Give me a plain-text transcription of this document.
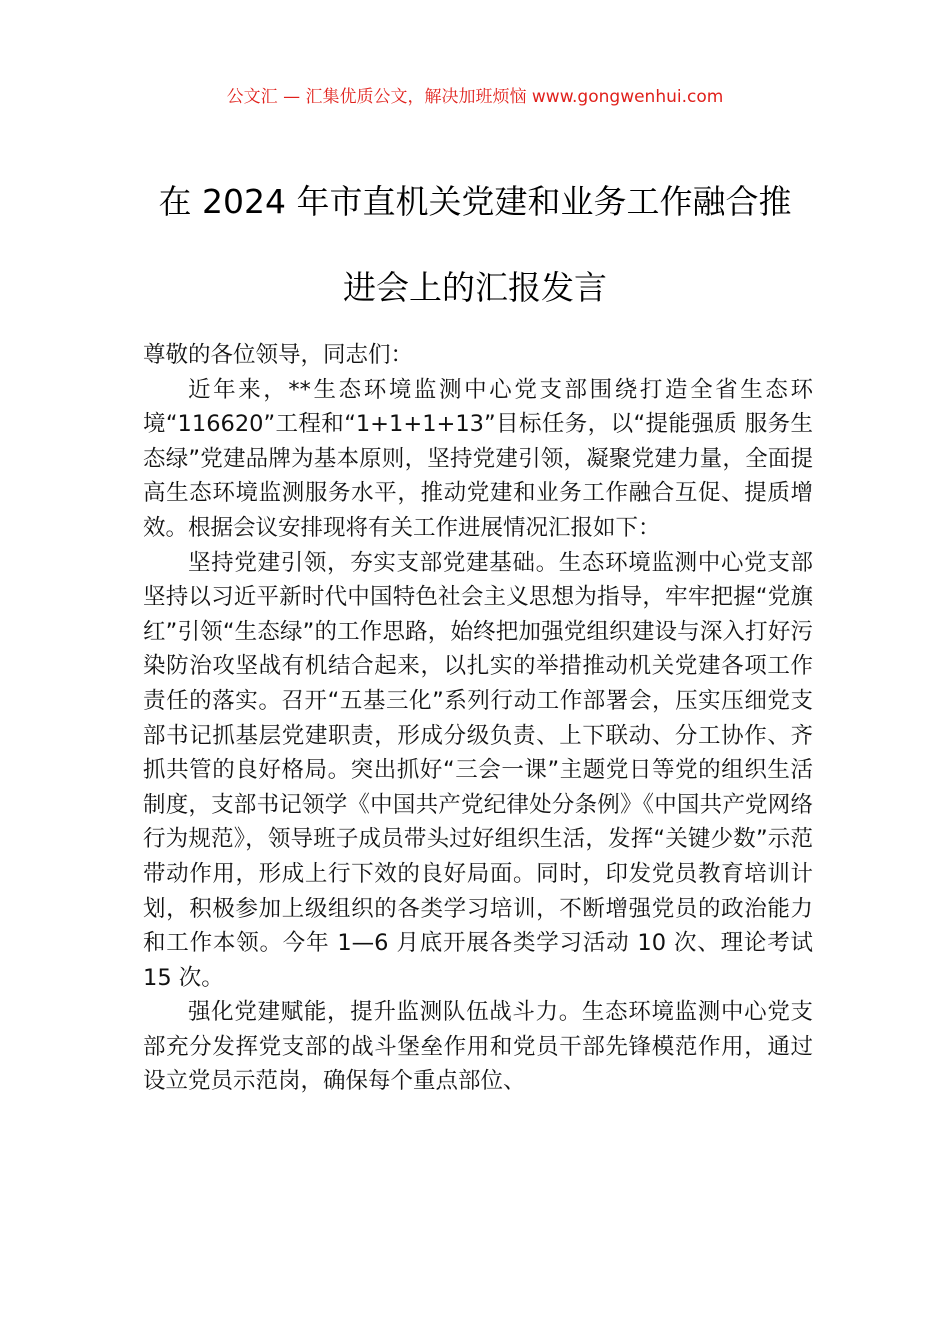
公文汇 — 汇集优质公文，解决加班烦恼 www.gongwenhui.com
在 2024 年市直机关党建和业务工作融合推
进会上的汇报发言

尊敬的各位领导，同志们：

近年来，**生态环境监测中心党支部围绕打造全省生态环境“116620”工程和“1+1+1+13”目标任务，以“提能强质 服务生态绿”党建品牌为基本原则，坚持党建引领，凝聚党建力量，全面提高生态环境监测服务水平，推动党建和业务工作融合互促、提质增效。根据会议安排现将有关工作进展情况汇报如下：

坚持党建引领，夯实支部党建基础。生态环境监测中心党支部坚持以习近平新时代中国特色社会主义思想为指导，牢牢把握“党旗红”引领“生态绿”的工作思路，始终把加强党组织建设与深入打好污染防治攻坚战有机结合起来，以扎实的举措推动机关党建各项工作责任的落实。召开“五基三化”系列行动工作部署会，压实压细党支部书记抓基层党建职责，形成分级负责、上下联动、分工协作、齐抓共管的良好格局。突出抓好“三会一课”主题党日等党的组织生活制度，支部书记领学《中国共产党纪律处分条例》《中国共产党网络行为规范》，领导班子成员带头过好组织生活，发挥“关键少数”示范带动作用，形成上行下效的良好局面。同时，印发党员教育培训计划，积极参加上级组织的各类学习培训，不断增强党员的政治能力和工作本领。今年 1—6 月底开展各类学习活动 10 次、理论考试 15 次。

强化党建赋能，提升监测队伍战斗力。生态环境监测中心党支部充分发挥党支部的战斗堡垒作用和党员干部先锋模范作用，通过设立党员示范岗，确保每个重点部位、
